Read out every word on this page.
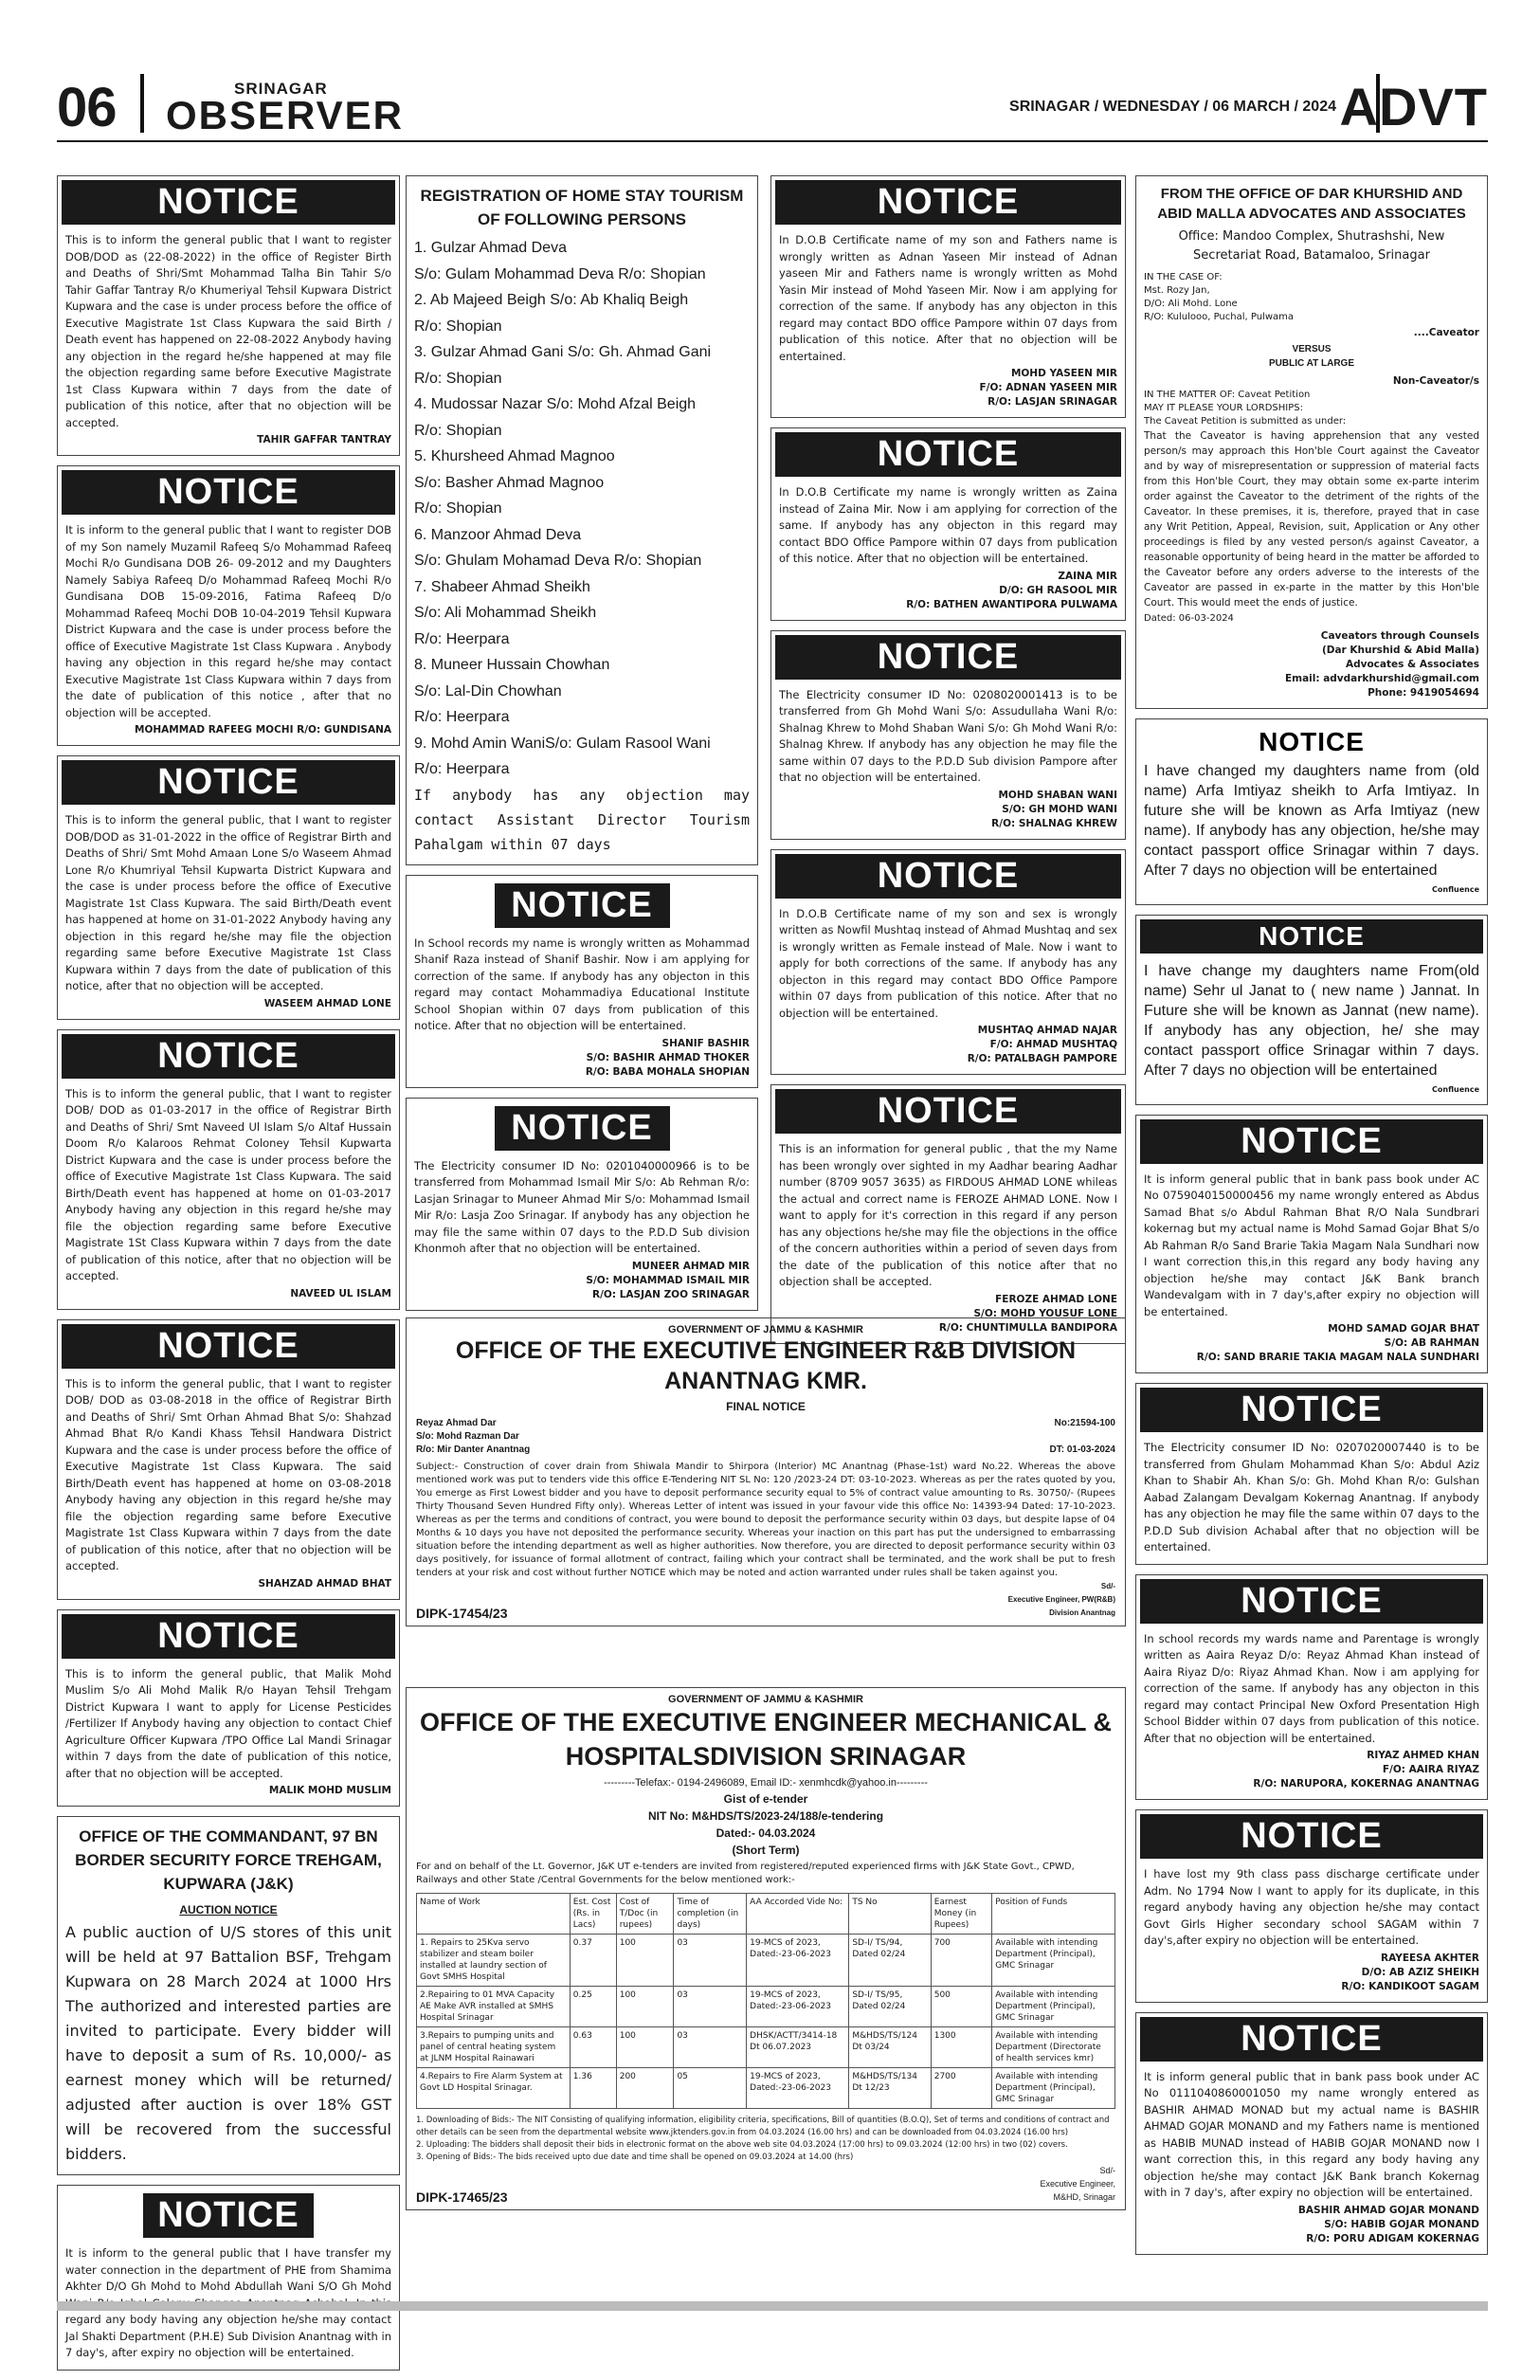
06	SRINAGAR
OBSERVER	SRINAGAR / WEDNESDAY / 06 MARCH / 2024 ADVT
NOTICE
This is to inform the general public that I want to register DOB/DOD as (22-08-2022) in the office of Register Birth and Deaths of Shri/Smt Mohammad Talha Bin Tahir S/o Tahir Gaffar Tantray R/o Khumeriyal Tehsil Kupwara District Kupwara and the case is under process before the office of Executive Magistrate 1st Class Kupwara the said Birth / Death event has happened on 22-08-2022 Anybody having any objection in the regard he/she happened at may file the objection regarding same before Executive Magistrate 1st Class Kupwara within 7 days from the date of publication of this notice, after that no objection will be accepted.
TAHIR GAFFAR TANTRAY
NOTICE
It is inform to the general public that I want to register DOB of my Son namely Muzamil Rafeeq S/o Mohammad Rafeeq Mochi R/o Gundisana DOB 26- 09-2012 and my Daughters Namely Sabiya Rafeeq D/o Mohammad Rafeeq Mochi R/o Gundisana DOB 15-09-2016, Fatima Rafeeq D/o Mohammad Rafeeq Mochi DOB 10-04-2019 Tehsil Kupwara District Kupwara and the case is under process before the office of Executive Magistrate 1st Class Kupwara . Anybody having any objection in this regard he/she may contact Executive Magistrate 1st Class Kupwara within 7 days from the date of publication of this notice , after that no objection will be accepted.
MOHAMMAD RAFEEG MOCHI R/O: GUNDISANA
NOTICE
This is to inform the general public, that I want to register DOB/DOD as 31-01-2022 in the office of Registrar Birth and Deaths of Shri/ Smt Mohd Amaan Lone S/o Waseem Ahmad Lone R/o Khumriyal Tehsil Kupwarta District Kupwara and the case is under process before the office of Executive Magistrate 1st Class Kupwara. The said Birth/Death event has happened at home on 31-01-2022 Anybody having any objection in this regard he/she may file the objection regarding same before Executive Magistrate 1st Class Kupwara within 7 days from the date of publication of this notice, after that no objection will be accepted.
WASEEM AHMAD LONE
NOTICE
This is to inform the general public, that I want to register DOB/ DOD as 01-03-2017 in the office of Registrar Birth and Deaths of Shri/ Smt Naveed Ul Islam S/o Altaf Hussain Doom R/o Kalaroos Rehmat Coloney Tehsil Kupwarta District Kupwara and the case is under process before the office of Executive Magistrate 1st Class Kupwara. The said Birth/Death event has happened at home on 01-03-2017 Anybody having any objection in this regard he/she may file the objection regarding same before Executive Magistrate 1St Class Kupwara within 7 days from the date of publication of this notice, after that no objection will be accepted.
NAVEED UL ISLAM
NOTICE
This is to inform the general public, that I want to register DOB/ DOD as 03-08-2018 in the office of Registrar Birth and Deaths of Shri/ Smt Orhan Ahmad Bhat S/o: Shahzad Ahmad Bhat R/o Kandi Khass Tehsil Handwara District Kupwara and the case is under process before the office of Executive Magistrate 1st Class Kupwara. The said Birth/Death event has happened at home on 03-08-2018 Anybody having any objection in this regard he/she may file the objection regarding same before Executive Magistrate 1st Class Kupwara within 7 days from the date of publication of this notice, after that no objection will be accepted.
SHAHZAD AHMAD BHAT
NOTICE
This is to inform the general public, that Malik Mohd Muslim S/o Ali Mohd Malik R/o Hayan Tehsil Trehgam District Kupwara I want to apply for License Pesticides /Fertilizer If Anybody having any objection to contact Chief Agriculture Officer Kupwara /TPO Office Lal Mandi Srinagar within 7 days from the date of publication of this notice, after that no objection will be accepted.
MALIK MOHD MUSLIM
OFFICE OF THE COMMANDANT, 97 BN BORDER SECURITY FORCE TREHGAM, KUPWARA (J&K)
AUCTION NOTICE
A public auction of U/S stores of this unit will be held at 97 Battalion BSF, Trehgam Kupwara on 28 March 2024 at 1000 Hrs The authorized and interested parties are invited to participate. Every bidder will have to deposit a sum of Rs. 10,000/- as earnest money which will be returned/ adjusted after auction is over 18% GST will be recovered from the successful bidders.
NOTICE
It is inform to the general public that I have transfer my water connection in the department of PHE from Shamima Akhter D/O Gh Mohd to Mohd Abdullah Wani S/O Gh Mohd regard any body having any objection he/she may contact Jal Shakti Department (P.H.E) Sub Division Anantnag with in 7 day's, after expiry no objection will be entertained.
REGISTRATION OF HOME STAY TOURISM OF FOLLOWING PERSONS
1. Gulzar Ahmad Deva
S/o: Gulam Mohammad Deva R/o: Shopian
2. Ab Majeed Beigh S/o: Ab Khaliq Beigh
R/o: Shopian
3. Gulzar Ahmad Gani S/o: Gh. Ahmad Gani
R/o: Shopian
4. Mudossar Nazar S/o: Mohd Afzal Beigh
R/o: Shopian
5. Khursheed Ahmad Magnoo
S/o: Basher Ahmad Magnoo
R/o: Shopian
6. Manzoor Ahmad Deva
S/o: Ghulam Mohamad Deva R/o: Shopian
7. Shabeer Ahmad Sheikh
S/o: Ali Mohammad Sheikh
R/o: Heerpara
8. Muneer Hussain Chowhan
S/o: Lal-Din Chowhan
R/o: Heerpara
9. Mohd Amin WaniS/o: Gulam Rasool Wani
R/o: Heerpara
If anybody has any objection may contact Assistant Director Tourism Pahalgam within 07 days
NOTICE
In School records my name is wrongly written as Mohammad Shanif Raza instead of Shanif Bashir. Now i am applying for correction of the same. If anybody has any objecton in this regard may contact Mohammadiya Educational Institute School Shopian within 07 days from publication of this notice. After that no objection will be entertained.
SHANIF BASHIR
S/O: BASHIR AHMAD THOKER
R/O: BABA MOHALA SHOPIAN
NOTICE
The Electricity consumer ID No: 0201040000966 is to be transferred from Mohammad Ismail Mir S/o: Ab Rehman R/o: Lasjan Srinagar to Muneer Ahmad Mir S/o: Mohammad Ismail Mir R/o: Lasja Zoo Srinagar. If anybody has any objection he may file the same within 07 days to the P.D.D Sub division Khonmoh after that no objection will be entertained.
MUNEER AHMAD MIR
S/O: MOHAMMAD ISMAIL MIR
R/O: LASJAN ZOO SRINAGAR
NOTICE
In D.O.B Certificate name of my son and Fathers name is wrongly written as Adnan Yaseen Mir instead of Adnan yaseen Mir and Fathers name is wrongly written as Mohd Yasin Mir instead of Mohd Yaseen Mir. Now i am applying for correction of the same. If anybody has any objecton in this regard may contact BDO office Pampore within 07 days from publication of this notice. After that no objection will be entertained.
MOHD YASEEN MIR
F/O: ADNAN YASEEN MIR
R/O: LASJAN SRINAGAR
NOTICE
In D.O.B Certificate my name is wrongly written as Zaina instead of Zaina Mir. Now i am applying for correction of the same. If anybody has any objecton in this regard may contact BDO Office Pampore within 07 days from publication of this notice. After that no objection will be entertained.
ZAINA MIR
D/O: GH RASOOL MIR
R/O: BATHEN AWANTIPORA PULWAMA
NOTICE
The Electricity consumer ID No: 0208020001413 is to be transferred from Gh Mohd Wani S/o: Assudullaha Wani R/o: Shalnag Khrew to Mohd Shaban Wani S/o: Gh Mohd Wani R/o: Shalnag Khrew. If anybody has any objection he may file the same within 07 days to the P.D.D Sub division Pampore after that no objection will be entertained.
MOHD SHABAN WANI
S/O: GH MOHD WANI
R/O: SHALNAG KHREW
NOTICE
In D.O.B Certificate name of my son and sex is wrongly written as Nowfil Mushtaq instead of Ahmad Mushtaq and sex is wrongly written as Female instead of Male. Now i want to apply for both corrections of the same. If anybody has any objecton in this regard may contact BDO Office Pampore within 07 days from publication of this notice. After that no objection will be entertained.
MUSHTAQ AHMAD NAJAR
F/O: AHMAD MUSHTAQ
R/O: PATALBAGH PAMPORE
NOTICE
This is an information for general public , that the my Name has been wrongly over sighted in my Aadhar bearing Aadhar number (8709 9057 3635) as FIRDOUS AHMAD LONE whileas the actual and correct name is FEROZE AHMAD LONE. Now I want to apply for it's correction in this regard if any person has any objections he/she may file the objections in the office of the concern authorities within a period of seven days from the date of the publication of this notice after that no objection shall be accepted.
FEROZE AHMAD LONE
S/O: MOHD YOUSUF LONE
R/O: CHUNTIMULLA BANDIPORA
FROM THE OFFICE OF DAR KHURSHID AND ABID MALLA ADVOCATES AND ASSOCIATES
Office: Mandoo Complex, Shutrashshi, New Secretariat Road, Batamaloo, Srinagar
IN THE CASE OF:
Mst. Rozy Jan,
D/O: Ali Mohd. Lone
R/O: Kululooo, Puchal, Pulwama
....Caveator
VERSUS
PUBLIC AT LARGE
Non-Caveator/s
IN THE MATTER OF: Caveat Petition
MAY IT PLEASE YOUR LORDSHIPS:
The Caveat Petition is submitted as under:
That the Caveator is having apprehension that any vested person/s may approach this Hon'ble Court against the Caveator and by way of misrepresentation or suppression of material facts from this Hon'ble Court, they may obtain some ex-parte interim order against the Caveator to the detriment of the rights of the Caveator. In these premises, it is, therefore, prayed that in case any Writ Petition, Appeal, Revision, suit, Application or Any other proceedings is filed by any vested person/s against Caveator, a reasonable opportunity of being heard in the matter be afforded to the Caveator before any orders adverse to the interests of the Caveator are passed in ex-parte in the matter by this Hon'ble Court. This would meet the ends of justice.
Dated: 06-03-2024
Caveators through Counsels
(Dar Khurshid & Abid Malla)
Advocates & Associates
Email: advdarkhurshid@gmail.com
Phone: 9419054694
NOTICE
I have changed my daughters name from (old name) Arfa Imtiyaz sheikh to Arfa Imtiyaz. In future she will be known as Arfa Imtiyaz (new name). If anybody has any objection, he/she may contact passport office Srinagar within 7 days. After 7 days no objection will be entertained
Confluence
NOTICE
I have change my daughters name From(old name) Sehr ul Janat to ( new name ) Jannat. In Future she will be known as Jannat (new name). If anybody has any objection, he/ she may contact passport office Srinagar within 7 days. After 7 days no objection will be entertained
Confluence
NOTICE
It is inform general public that in bank pass book under AC No 0759040150000456 my name wrongly entered as Abdus Samad Bhat s/o Abdul Rahman Bhat R/O Nala Sundbrari kokernag but my actual name is Mohd Samad Gojar Bhat S/o Ab Rahman R/o Sand Brarie Takia Magam Nala Sundhari now I want correction this,in this regard any body having any objection he/she may contact J&K Bank branch Wandevalgam with in 7 day's,after expiry no objection will be entertained.
MOHD SAMAD GOJAR BHAT
S/O: AB RAHMAN
R/O: SAND BRARIE TAKIA MAGAM NALA SUNDHARI
NOTICE
The Electricity consumer ID No: 0207020007440 is to be transferred from Ghulam Mohammad Khan S/o: Abdul Aziz Khan to Shabir Ah. Khan S/o: Gh. Mohd Khan R/o: Gulshan Aabad Zalangam Devalgam Kokernag Anantnag. If anybody has any objection he may file the same within 07 days to the P.D.D Sub division Achabal after that no objection will be entertained.
NOTICE
In school records my wards name and Parentage is wrongly written as Aaira Reyaz D/o: Reyaz Ahmad Khan instead of Aaira Riyaz D/o: Riyaz Ahmad Khan. Now i am applying for correction of the same. If anybody has any objecton in this regard may contact Principal New Oxford Presentation High School Bidder within 07 days from publication of this notice. After that no objection will be entertained.
RIYAZ AHMED KHAN
F/O: AAIRA RIYAZ
R/O: NARUPORA, KOKERNAG ANANTNAG
NOTICE
I have lost my 9th class pass discharge certificate under Adm. No 1794 Now I want to apply for its duplicate, in this regard anybody having any objection he/she may contact Govt Girls Higher secondary school SAGAM within 7 day's,after expiry no objection will be entertained.
RAYEESA AKHTER
D/O: AB AZIZ SHEIKH
R/O: KANDIKOOT SAGAM
NOTICE
It is inform general public that in bank pass book under AC No 0111040860001050 my name wrongly entered as BASHIR AHMAD MONAD but my actual name is BASHIR AHMAD GOJAR MONAND and my Fathers name is mentioned as HABIB MUNAD instead of HABIB GOJAR MONAND now I want correction this, in this regard any body having any objection he/she may contact J&K Bank branch Kokernag with in 7 day's, after expiry no objection will be entertained.
BASHIR AHMAD GOJAR MONAND
S/O: HABIB GOJAR MONAND
R/O: PORU ADIGAM KOKERNAG
GOVERNMENT OF JAMMU & KASHMIR
OFFICE OF THE EXECUTIVE ENGINEER R&B DIVISION ANANTNAG KMR.
FINAL NOTICE
Reyaz Ahmad Dar
S/o: Mohd Razman Dar
R/o: Mir Danter Anantnag
No:21594-100

DT: 01-03-2024
Subject:- Construction of cover drain from Shiwala Mandir to Shirpora (Interior) MC Anantnag (Phase-1st) ward No.22. Whereas the above mentioned work was put to tenders vide this office E-Tendering NIT SL No: 120 /2023-24 DT: 03-10-2023. Whereas as per the rates quoted by you, You emerge as First Lowest bidder and you have to deposit performance security equal to 5% of contract value amounting to Rs. 30750/- (Rupees Thirty Thousand Seven Hundred Fifty only). Whereas Letter of intent was issued in your favour vide this office No: 14393-94 Dated: 17-10-2023. Whereas as per the terms and conditions of contract, you were bound to deposit the performance security within 03 days, but despite lapse of 04 Months & 10 days you have not deposited the performance security. Whereas your inaction on this part has put the undersigned to embarrassing situation before the intending department as well as higher authorities. Now therefore, you are directed to deposit performance security within 03 days positively, for issuance of formal allotment of contract, failing which your contract shall be terminated, and the work shall be put to fresh tenders at your risk and cost without further NOTICE which may be noted and action warranted under rules shall be taken against you.
DIPK-17454/23
Sd/-
Executive Engineer, PW(R&B)
Division Anantnag
GOVERNMENT OF JAMMU & KASHMIR
OFFICE OF THE EXECUTIVE ENGINEER MECHANICAL & HOSPITALSDIVISION SRINAGAR
---------Telefax:- 0194-2496089, Email ID:- xenmhcdk@yahoo.in---------
Gist of e-tender
NIT No: M&HDS/TS/2023-24/188/e-tendering
Dated:- 04.03.2024
(Short Term)
For and on behalf of the Lt. Governor, J&K UT e-tenders are invited from registered/reputed experienced firms with J&K State Govt., CPWD, Railways and other State /Central Governments for the below mentioned work:-
Name of Work	Est. Cost (Rs. in Lacs)	Cost of T/Doc (in rupees)	Time of completion (in days)	AA Accorded Vide No:	TS No	Earnest Money (in Rupees)	Position of Funds
1. Repairs to 25Kva servo stabilizer and steam boiler installed at laundry section of Govt SMHS Hospital	0.37	100	03	19-MCS of 2023, Dated:-23-06-2023	SD-I/ TS/94, Dated 02/24	700	Available with intending Department (Principal), GMC Srinagar
2.Repairing to 01 MVA Capacity AE Make AVR installed at SMHS Hospital Srinagar	0.25	100	03	19-MCS of 2023, Dated:-23-06-2023	SD-I/ TS/95, Dated 02/24	500	Available with intending Department (Principal), GMC Srinagar
3.Repairs to pumping units and panel of central heating system at JLNM Hospital Rainawari	0.63	100	03	DHSK/ACTT/3414-18 Dt 06.07.2023	M&HDS/TS/124 Dt 03/24	1300	Available with intending Department (Directorate of health services kmr)
4.Repairs to Fire Alarm System at Govt LD Hospital Srinagar.	1.36	200	05	19-MCS of 2023, Dated:-23-06-2023	M&HDS/TS/134 Dt 12/23	2700	Available with intending Department (Principal), GMC Srinagar
1. Downloading of Bids:- The NIT Consisting of qualifying information, eligibility criteria, specifications, Bill of quantities (B.O.Q), Set of terms and conditions of contract and other details can be seen from the departmental website www.jktenders.gov.in from 04.03.2024 (16.00 hrs) and can be downloaded from 04.03.2024 (16.00 hrs)
2. Uploading: The bidders shall deposit their bids in electronic format on the above web site 04.03.2024 (17:00 hrs) to 09.03.2024 (12:00 hrs) in two (02) covers.
3. Opening of Bids:- The bids received upto due date and time shall be opened on 09.03.2024 at 14.00 (hrs)
DIPK-17465/23
Sd/-
Executive Engineer,
M&HD, Srinagar
